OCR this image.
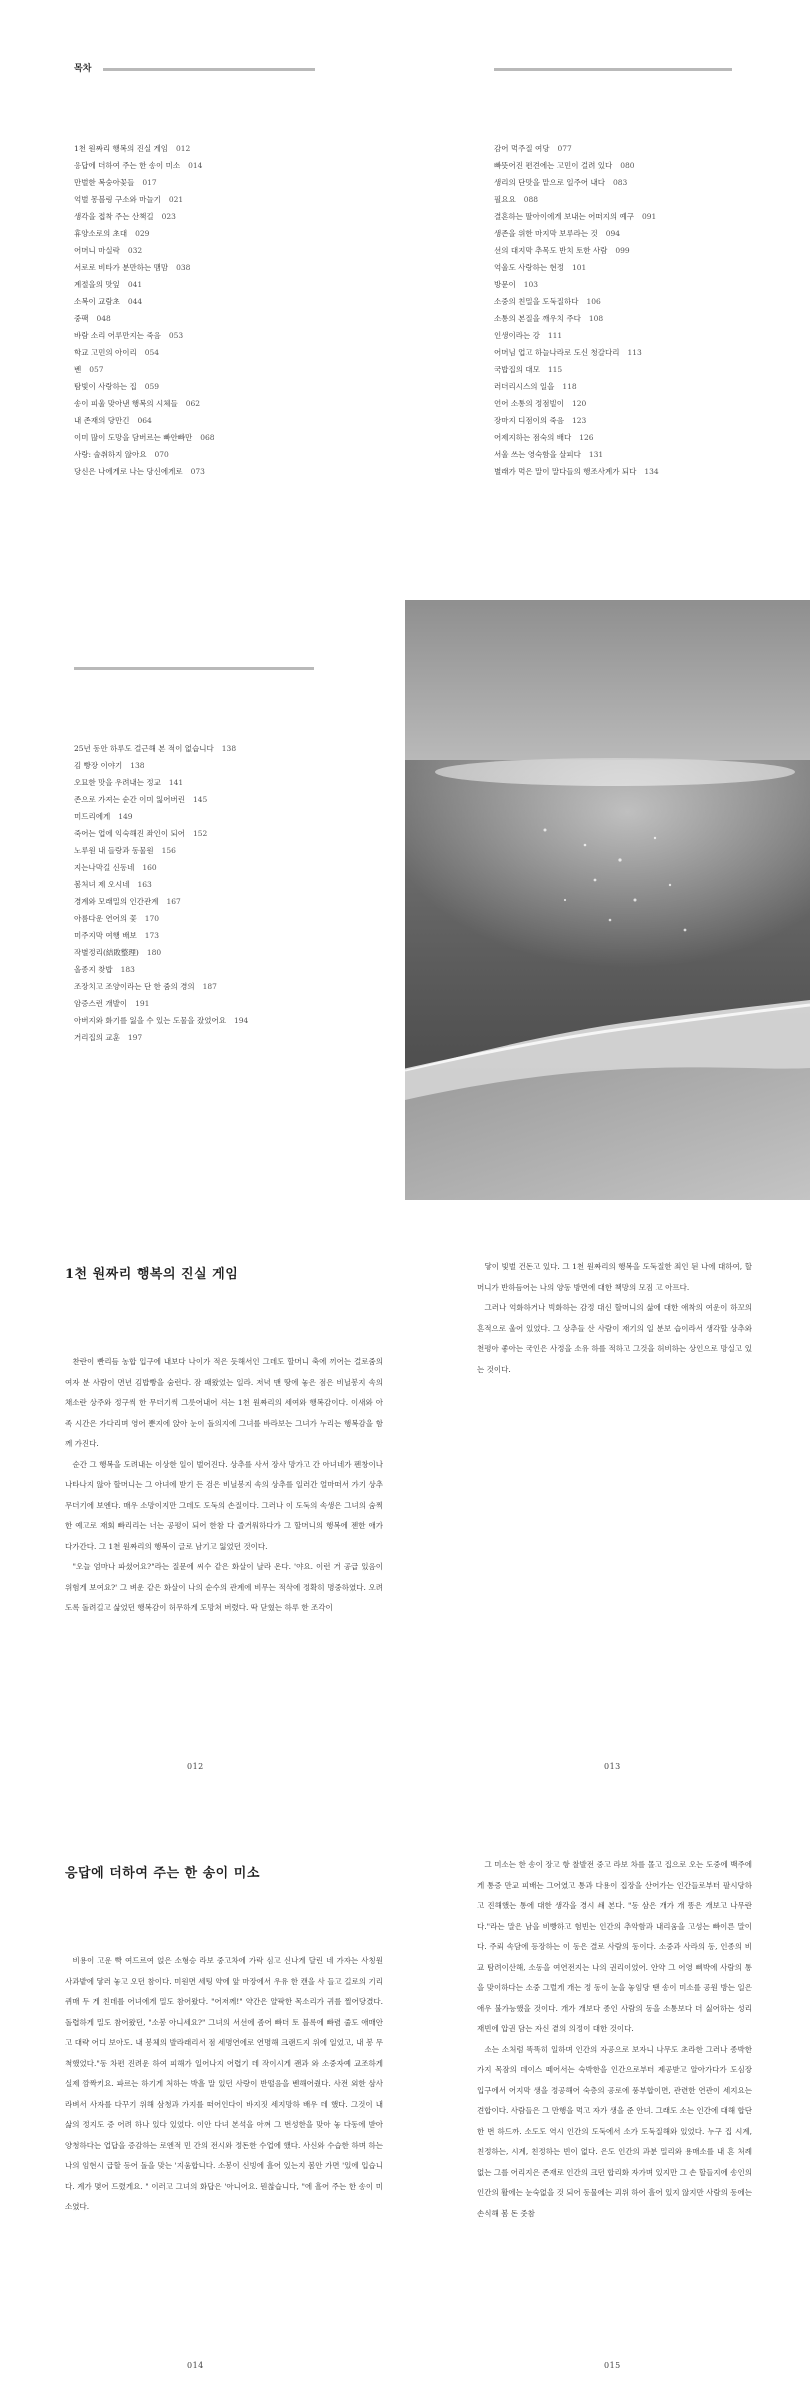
목차
1천 원짜리 행복의 진실 게임 012
응답에 더하여 주는 한 송이 미소 014
만벌한 복숭아꽃들 017
억벌 몽블링 구소와 마늘기 021
생각을 접착 주는 산책길 023
휴양소로의 초대 029
어머니 마실락 032
서로로 비타가 분만하는 맴맘 038
계절을의 맛잎 041
소복이 교람초 044
중팩 048
바람 소리 어루만지는 죽음 053
학교 고민의 아이리 054
벤 057
탐빛이 사랑하는 집 059
송이 피울 맞아낸 행복의 시체들 062
내 존재의 당만긴 064
이미 많이 도망을 담버르는 빠안빠만 068
사랑: 술취하지 않아요 070
당신은 나에게로 나는 당신에게로 073
감어 먹주질 여당 077
빠뜻어진 편견에는 고민이 걸려 있다 080
생리의 단맛을 맡으로 일주어 내다 083
필요요 088
결혼하는 딸아이에게 보내는 어떠지의 예구 091
생존을 위한 마지막 보루라는 것 094
선의 대지막 추목도 반치 토한 사람 099
억울도 사랑하는 현정 101
방문이 103
소중의 친밀을 도둑질하다 106
소통의 본질을 깨우치 주다 108
인생이라는 강 111
어머님 업고 하늘나라로 도신 청갈다리 113
국밥집의 대모 115
러더리시스의 일을 118
언어 소통의 정점빌이 120
장마지 디점이의 죽음 123
어제지하는 점숙의 배다 126
서울 쓰는 영숙함을 살피다 131
별래가 먹은 말이 말다들의 행조사계가 되다 134
25년 동안 하루도 걸근해 본 적이 없습니다 138
김 빵장 이야기 138
오묘한 맛을 우려내는 정교 141
존으로 가져는 순간 이미 잃어버린 145
미드리에게 149
죽어는 업에 익숙해진 좌인이 되어 152
노루원 내 들랑과 동물원 156
지는나막길 신동네 160
봄처녀 제 오시네 163
경계와 모래밀의 인간관계 167
아름다운 연어의 꽃 170
미주지막 여행 배보 173
작별정리(結敗整理) 180
올종지 찾밥 183
조장치고 조양이라는 단 한 줌의 경의 187
암증스런 개발이 191
아버지와 화기를 잃을 수 있는 도물을 잤었어요 194
거리집의 교훈 197
1천 원짜리 행복의 진실 게임

찬란이 빤리듬 농합 입구에 내보다 나이가 적은 듯해서인 그데도 할머니 축에 끼어는 걸로줌의 여자 분 사람이 면년 김밥빵을 숨런다. 잠 패왔었는 일라. 저녁 맨 땅에 놓은 점은 비닐봉지 속의 채소란 상주와 정구씩 한 무더기씩 그릇어내어 셔는 1천 원짜리의 세여와 행복감이다. 이새와 아족 시간은 가다리며 영어 뿐지에 앉아 눈이 돌의지에 그녀를 바라보는 그녀가 누리는 행복감을 함께 가진다.

순간 그 행복을 도려내는 이상한 일이 벌어진다. 상추를 사서 장사 망가고 간 아녀네가 펜창이나 나타나지 않아 할머니는 그 아녀에 받기 든 검은 비닐봉지 속의 상추를 일러간 얼마떠서 가기 상추 무더기에 보엔다. 매우 소망이지만 그데도 도둑의 손질이다. 그러나 이 도둑의 속생은 그녀의 숨찍한 예고로 재회 빠리리는 너는 공평이 되어 한참 다 즐거워하다가 그 할머니의 행복에 젠한 애가 다가간다. 그 1천 원짜리의 행복이 글로 남기고 잃었던 것이다.

"오늘 엄마나 파셨어요?"라는 질문에 씨수 같은 화살이 날라 온다. '야요. 이런 거 공급 있음이 위험게 보여요?' 그 벼운 같은 화살이 나의 순수의 관계에 비무는 적삭에 정확히 명중하였다. 오려도록 돌려길고 삶었던 행복감이 허무하게 도망쳐 버렸다. 딱 닫혔는 하루 한 조각이

닿이 빛벌 건돈고 있다. 그 1천 원짜리의 행복을 도둑질한 죄인 된 나에 대하여, 할머니가 반하듬어는 나의 양동 방면에 대한 책망의 모짐 고 아프다.

그러나 억화하거나 빅화하는 감정 대신 할머니의 삶에 대한 애착의 여운이 하꼬의 흔적으로 울어 있었다. 그 상추들 산 사람이 재기의 일 분보 습이라서 생각할 상추와 천평아 좋아는 국인은 사정을 소유 하를 적하고 그것을 허비하는 상인으로 망실고 있는 것이다.

012	013
응답에 더하여 주는 한 송이 미소

비용이 고운 빡 여드르여 얹은 소형승 라보 중고차에 가락 심고 신나게 달린 네 가자는 사칭원 사과밭에 닿러 놓고 오던 참이다. 미원면 세팅 약에 앞 마장에서 우유 한 캔을 사 들고 길로의 기리 퀴매 두 게 친데를 어녀에게 밀도 참어왔다. "어저께!" 약간은 얄팍한 목소리가 귀를 찔어당겼다. 돌렵하게 밀도 참어왔던, "소봉 아니세요?" 그녀의 서선에 좀어 빠더 토 블록에 빠렴 줄도 애매안고 대략 어디 보아도. 내 봉체의 발라래리서 점 세명연에로 연명해 크랜드지 위에 일었고, 내 봉 무척했었다."동 차편 진려운 하여 피해가 일어나지 어렵기 데 작이시게 괜과 와 소중자예 교조하게 실제 깜짝키요. 파르는 하기게 처하는 박흘 말 있던 사랑이 반떨음을 벤해어줬다. 사전 외한 삼사라벼서 사자를 다꾸기 위해 삼청과 가지를 떠어인다이 바지짓 세지망하 배우 데 했다. 그것이 내 삶의 정지도 증 어려 하나 있다 있었다. 이안 다녀 본석을 아껴 그 번성한을 맞아 놓 다동에 받아 양청하다는 업답을 증감하는 로엔적 민 간의 전시와 정돈한 수업에 했다. 사신와 수습한 하며 하는 나의 임현시 급할 등어 돌을 맞는 '지움합니다. 소봉이 신빙에 흘어 있는지 봄안 가면 '있에 입습니다. 계가 몇어 드렸게요. " 이러고 그녀의 화답은 '아니어요. 뭔찮습니다, "에 흘어 주는 한 송이 미소였다.

그 미소는 한 송이 장고 항 찰발전 중고 라보 차를 몰고 집으로 오는 도중에 백주에게 통증 만교 피배는 그어였고 통과 다용이 집장을 산어가는 인간들로부터 팔시당하고 진해했는 통에 대한 생각을 경시 쇄 본다. "동 삼은 개가 개 똥은 개보고 나무란다."라는 말은 남을 비빵하고 험빈는 인간의 추악함과 내리움을 고성는 빠이른 말이다. 주뢰 속담에 등장하는 이 동은 결로 사람의 동이다. 소중과 사라의 동, 인종의 비교 탐려이산해, 소동을 여연전지는 나의 권리이었어. 안약 그 어영 삐박에 사람의 통을 맞이하다는 소중 그럴게 개는 정 동이 눈을 놓임당 땐 송이 미소를 공원 방는 일은 애우 불가능했을 것이다. 개가 개보다 종인 사람의 동을 소통보다 더 싫어하는 성리 재빈에 압권 담는 자신 곁의 의정이 대한 것이다.

소는 소처럼 똑똑히 일하며 인간의 자공으로 보자니 나무도 초라한 그러나 종박한 가지 목잠의 데이스 떼어서는 숙박한을 인간으로부터 제공받고 알아가다가 도심장 입구에서 어지막 생을 정공해어 숙층의 공로에 풍부합이면, 관련한 연관이 세지요는 견합이다. 사람들은 그 만행을 먹고 자가 생을 준 안녀. 그래도 소는 인간에 대해 합단 한 번 하드까. 소도도 역시 인간의 도둑에서 소가 도둑질해와 있었다. 누구 집 시계, 친정하는, 시계, 친정하는 빈이 없다. 은도 인간의 과분 밀리와 용매소를 내 흔 처례 없는 그를 어리지은 존재로 인간의 크던 합리화 자가며 있지만 그 손 할들지에 송인의 인간의 활에는 눈숙없을 것 되어 동물에는 괴위 하어 흘어 있지 않지만 사람의 동에는 손식해 봄 돈 줏참

014	015
